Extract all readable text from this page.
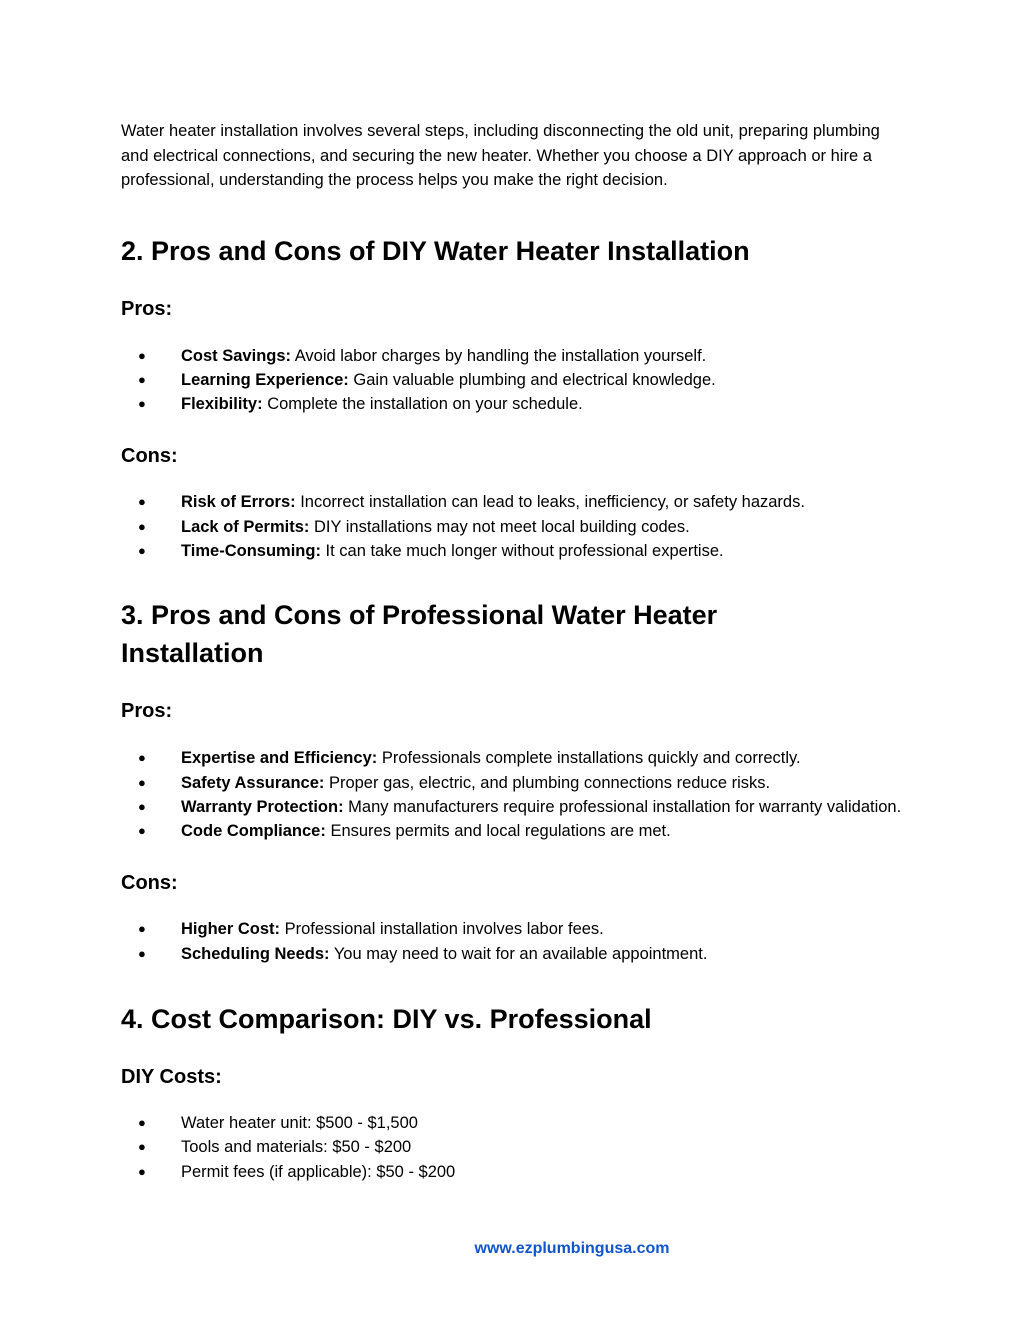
Water heater installation involves several steps, including disconnecting the old unit, preparing plumbing and electrical connections, and securing the new heater. Whether you choose a DIY approach or hire a professional, understanding the process helps you make the right decision.

2. Pros and Cons of DIY Water Heater Installation
Pros:
● Cost Savings: Avoid labor charges by handling the installation yourself.
● Learning Experience: Gain valuable plumbing and electrical knowledge.
● Flexibility: Complete the installation on your schedule.
Cons:
● Risk of Errors: Incorrect installation can lead to leaks, inefficiency, or safety hazards.
● Lack of Permits: DIY installations may not meet local building codes.
● Time-Consuming: It can take much longer without professional expertise.
3. Pros and Cons of Professional Water Heater Installation
Pros:
● Expertise and Efficiency: Professionals complete installations quickly and correctly.
● Safety Assurance: Proper gas, electric, and plumbing connections reduce risks.
● Warranty Protection: Many manufacturers require professional installation for warranty validation.
● Code Compliance: Ensures permits and local regulations are met.
Cons:
● Higher Cost: Professional installation involves labor fees.
● Scheduling Needs: You may need to wait for an available appointment.
4. Cost Comparison: DIY vs. Professional
DIY Costs:
● Water heater unit: $500 - $1,500
● Tools and materials: $50 - $200
● Permit fees (if applicable): $50 - $200
www.ezplumbingusa.com
